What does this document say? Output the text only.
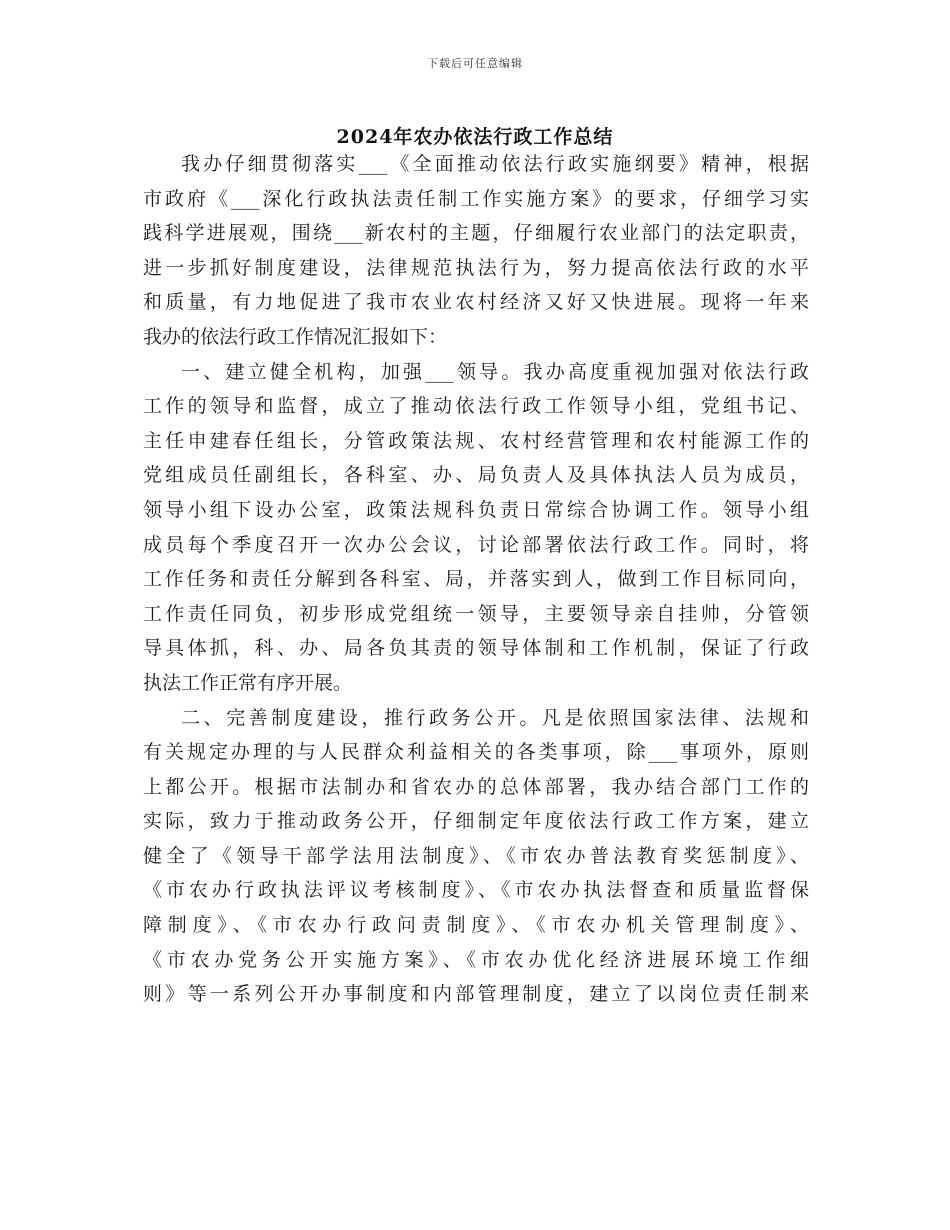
下载后可任意编辑
2024年农办依法行政工作总结
我办仔细贯彻落实___《全面推动依法行政实施纲要》精神，根据
市政府《___深化行政执法责任制工作实施方案》的要求，仔细学习实
践科学进展观，围绕___新农村的主题，仔细履行农业部门的法定职责，
进一步抓好制度建设，法律规范执法行为，努力提高依法行政的水平
和质量，有力地促进了我市农业农村经济又好又快进展。现将一年来
我办的依法行政工作情况汇报如下：
一、建立健全机构，加强___领导。我办高度重视加强对依法行政
工作的领导和监督，成立了推动依法行政工作领导小组，党组书记、
主任申建春任组长，分管政策法规、农村经营管理和农村能源工作的
党组成员任副组长，各科室、办、局负责人及具体执法人员为成员，
领导小组下设办公室，政策法规科负责日常综合协调工作。领导小组
成员每个季度召开一次办公会议，讨论部署依法行政工作。同时，将
工作任务和责任分解到各科室、局，并落实到人，做到工作目标同向，
工作责任同负，初步形成党组统一领导，主要领导亲自挂帅，分管领
导具体抓，科、办、局各负其责的领导体制和工作机制，保证了行政
执法工作正常有序开展。
二、完善制度建设，推行政务公开。凡是依照国家法律、法规和
有关规定办理的与人民群众利益相关的各类事项，除___事项外，原则
上都公开。根据市法制办和省农办的总体部署，我办结合部门工作的
实际，致力于推动政务公开，仔细制定年度依法行政工作方案，建立
健全了《领导干部学法用法制度》、《市农办普法教育奖惩制度》、
《市农办行政执法评议考核制度》、《市农办执法督查和质量监督保
障制度》、《市农办行政问责制度》、《市农办机关管理制度》、
《市农办党务公开实施方案》、《市农办优化经济进展环境工作细
则》等一系列公开办事制度和内部管理制度，建立了以岗位责任制来
